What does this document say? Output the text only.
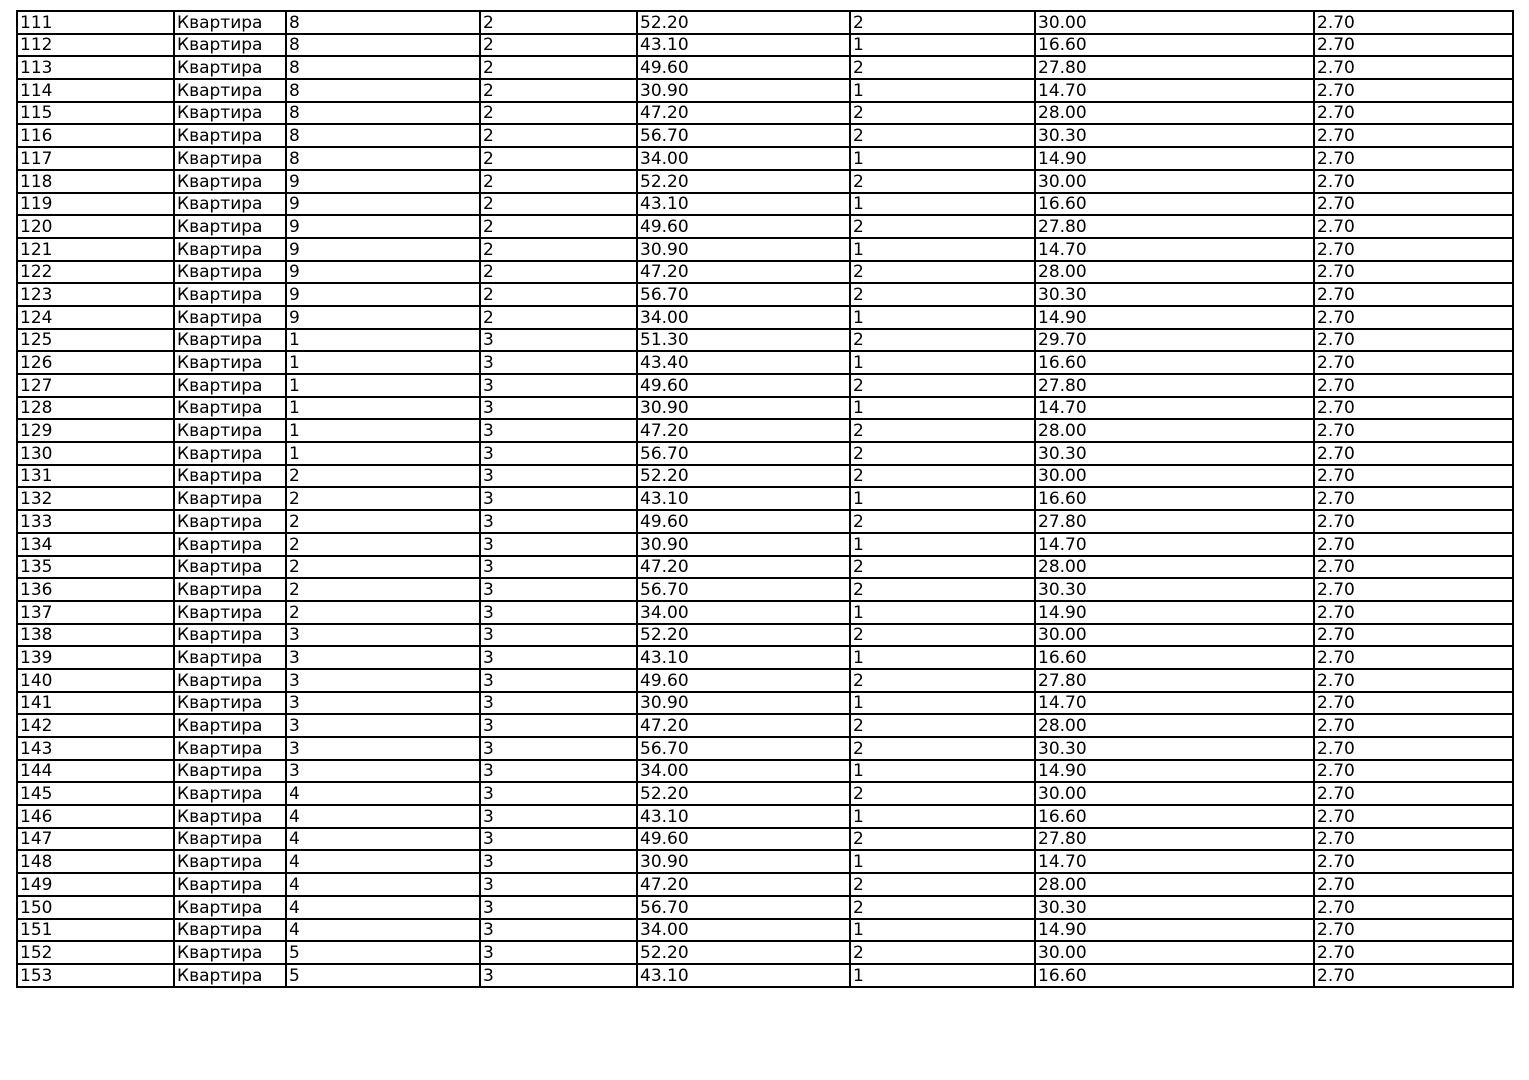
111	Квартира	8	2	52.20	2	30.00	2.70
112	Квартира	8	2	43.10	1	16.60	2.70
113	Квартира	8	2	49.60	2	27.80	2.70
114	Квартира	8	2	30.90	1	14.70	2.70
115	Квартира	8	2	47.20	2	28.00	2.70
116	Квартира	8	2	56.70	2	30.30	2.70
117	Квартира	8	2	34.00	1	14.90	2.70
118	Квартира	9	2	52.20	2	30.00	2.70
119	Квартира	9	2	43.10	1	16.60	2.70
120	Квартира	9	2	49.60	2	27.80	2.70
121	Квартира	9	2	30.90	1	14.70	2.70
122	Квартира	9	2	47.20	2	28.00	2.70
123	Квартира	9	2	56.70	2	30.30	2.70
124	Квартира	9	2	34.00	1	14.90	2.70
125	Квартира	1	3	51.30	2	29.70	2.70
126	Квартира	1	3	43.40	1	16.60	2.70
127	Квартира	1	3	49.60	2	27.80	2.70
128	Квартира	1	3	30.90	1	14.70	2.70
129	Квартира	1	3	47.20	2	28.00	2.70
130	Квартира	1	3	56.70	2	30.30	2.70
131	Квартира	2	3	52.20	2	30.00	2.70
132	Квартира	2	3	43.10	1	16.60	2.70
133	Квартира	2	3	49.60	2	27.80	2.70
134	Квартира	2	3	30.90	1	14.70	2.70
135	Квартира	2	3	47.20	2	28.00	2.70
136	Квартира	2	3	56.70	2	30.30	2.70
137	Квартира	2	3	34.00	1	14.90	2.70
138	Квартира	3	3	52.20	2	30.00	2.70
139	Квартира	3	3	43.10	1	16.60	2.70
140	Квартира	3	3	49.60	2	27.80	2.70
141	Квартира	3	3	30.90	1	14.70	2.70
142	Квартира	3	3	47.20	2	28.00	2.70
143	Квартира	3	3	56.70	2	30.30	2.70
144	Квартира	3	3	34.00	1	14.90	2.70
145	Квартира	4	3	52.20	2	30.00	2.70
146	Квартира	4	3	43.10	1	16.60	2.70
147	Квартира	4	3	49.60	2	27.80	2.70
148	Квартира	4	3	30.90	1	14.70	2.70
149	Квартира	4	3	47.20	2	28.00	2.70
150	Квартира	4	3	56.70	2	30.30	2.70
151	Квартира	4	3	34.00	1	14.90	2.70
152	Квартира	5	3	52.20	2	30.00	2.70
153	Квартира	5	3	43.10	1	16.60	2.70
